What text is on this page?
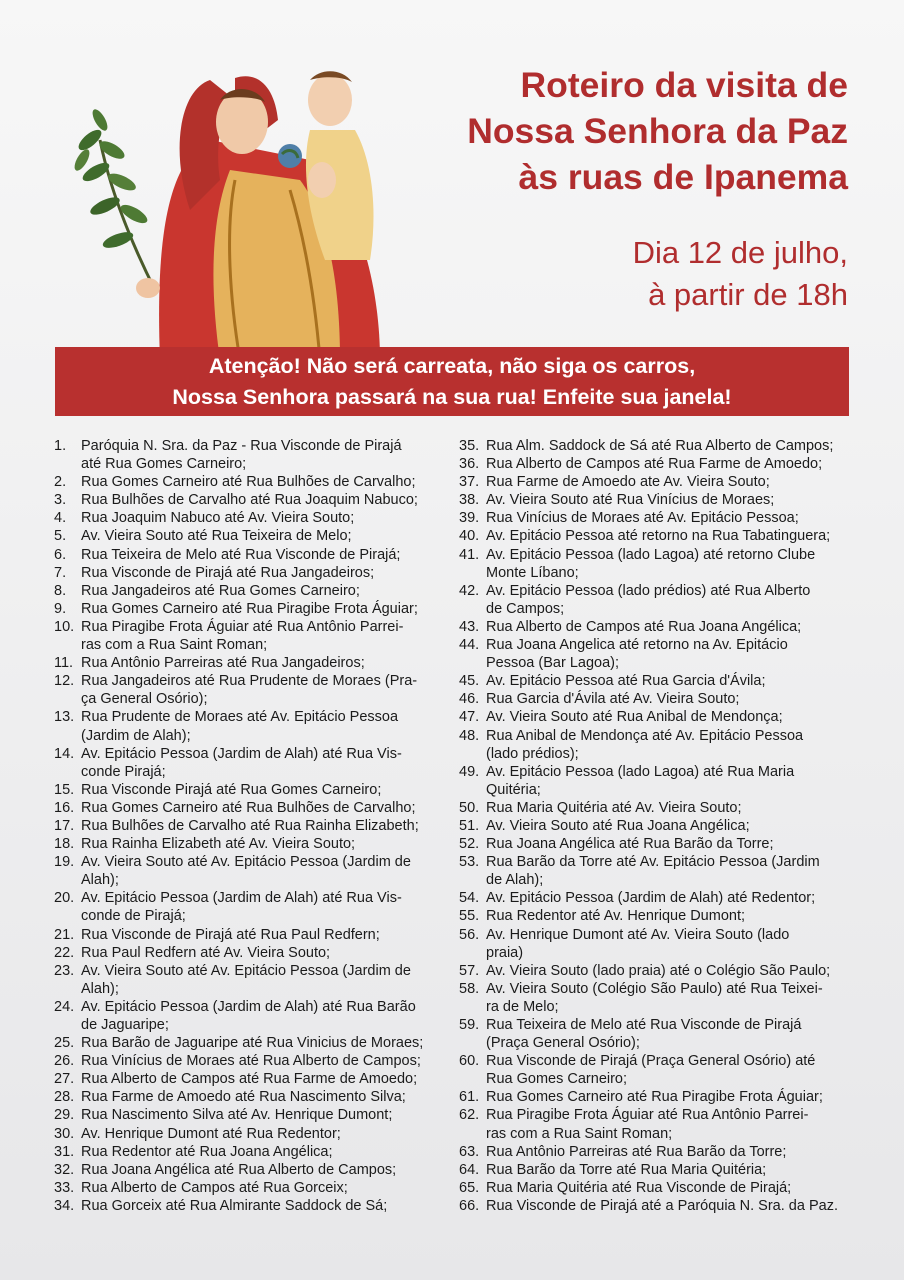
Roteiro da visita de
Nossa Senhora da Paz
às ruas de Ipanema
Dia 12 de julho,
à partir de 18h
Atenção! Não será carreata, não siga os carros,
Nossa Senhora passará na sua rua! Enfeite sua janela!
1.	Paróquia N. Sra. da Paz - Rua Visconde de Pirajá
até Rua Gomes Carneiro;
2.	Rua Gomes Carneiro até Rua Bulhões de Carvalho;
3.	Rua Bulhões de Carvalho até Rua Joaquim Nabuco;
4.	Rua Joaquim Nabuco até Av. Vieira Souto;
5.	Av. Vieira Souto até Rua Teixeira de Melo;
6.	Rua Teixeira de Melo até Rua Visconde de Pirajá;
7.	Rua Visconde de Pirajá até Rua Jangadeiros;
8.	Rua Jangadeiros até Rua Gomes Carneiro;
9.	Rua Gomes Carneiro até Rua Piragibe Frota Águiar;
10. Rua Piragibe Frota Águiar até Rua Antônio Parrei-
ras com a Rua Saint Roman;
11. Rua Antônio Parreiras até Rua Jangadeiros;
12. Rua Jangadeiros até Rua Prudente de Moraes (Pra-
ça General Osório);
13. Rua Prudente de Moraes até Av. Epitácio Pessoa
(Jardim de Alah);
14. Av. Epitácio Pessoa (Jardim de Alah) até Rua Vis-
conde Pirajá;
15. Rua Visconde Pirajá até Rua Gomes Carneiro;
16. Rua Gomes Carneiro até Rua Bulhões de Carvalho;
17. Rua Bulhões de Carvalho até Rua Rainha Elizabeth;
18. Rua Rainha Elizabeth até Av. Vieira Souto;
19. Av. Vieira Souto até Av. Epitácio Pessoa (Jardim de
Alah);
20. Av. Epitácio Pessoa (Jardim de Alah) até Rua Vis-
conde de Pirajá;
21. Rua Visconde de Pirajá até Rua Paul Redfern;
22. Rua Paul Redfern até Av. Vieira Souto;
23. Av. Vieira Souto até Av. Epitácio Pessoa (Jardim de
Alah);
24. Av. Epitácio Pessoa (Jardim de Alah) até Rua Barão
de Jaguaripe;
25. Rua Barão de Jaguaripe até Rua Vinicius de Moraes;
26. Rua Vinícius de Moraes até Rua Alberto de Campos;
27. Rua Alberto de Campos até Rua Farme de Amoedo;
28. Rua Farme de Amoedo até Rua Nascimento Silva;
29. Rua Nascimento Silva até Av. Henrique Dumont;
30. Av. Henrique Dumont até Rua Redentor;
31. Rua Redentor até Rua Joana Angélica;
32. Rua Joana Angélica até Rua Alberto de Campos;
33. Rua Alberto de Campos até Rua Gorceix;
34. Rua Gorceix até Rua Almirante Saddock de Sá;
35. Rua Alm. Saddock de Sá até Rua Alberto de Campos;
36. Rua Alberto de Campos até Rua Farme de Amoedo;
37. Rua Farme de Amoedo ate Av. Vieira Souto;
38. Av. Vieira Souto até Rua Vinícius de Moraes;
39. Rua Vinícius de Moraes até Av. Epitácio Pessoa;
40. Av. Epitácio Pessoa até retorno na Rua Tabatinguera;
41. Av. Epitácio Pessoa (lado Lagoa) até retorno Clube
Monte Líbano;
42. Av. Epitácio Pessoa (lado prédios) até Rua Alberto
de Campos;
43. Rua Alberto de Campos até Rua Joana Angélica;
44. Rua Joana Angelica até retorno na Av. Epitácio
Pessoa (Bar Lagoa);
45. Av. Epitácio Pessoa até Rua Garcia d'Ávila;
46. Rua Garcia d'Ávila até Av. Vieira Souto;
47. Av. Vieira Souto até Rua Anibal de Mendonça;
48. Rua Anibal de Mendonça até Av. Epitácio Pessoa
(lado prédios);
49. Av. Epitácio Pessoa (lado Lagoa) até Rua Maria
Quitéria;
50. Rua Maria Quitéria até Av. Vieira Souto;
51. Av. Vieira Souto até Rua Joana Angélica;
52. Rua Joana Angélica até Rua Barão da Torre;
53. Rua Barão da Torre até Av. Epitácio Pessoa (Jardim
de Alah);
54. Av. Epitácio Pessoa (Jardim de Alah) até Redentor;
55. Rua Redentor até Av. Henrique Dumont;
56. Av. Henrique Dumont até Av. Vieira Souto (lado
praia)
57. Av. Vieira Souto (lado praia) até o Colégio São Paulo;
58. Av. Vieira Souto (Colégio São Paulo) até Rua Teixei-
ra de Melo;
59. Rua Teixeira de Melo até Rua Visconde de Pirajá
(Praça General Osório);
60. Rua Visconde de Pirajá (Praça General Osório) até
Rua Gomes Carneiro;
61. Rua Gomes Carneiro até Rua Piragibe Frota Águiar;
62. Rua Piragibe Frota Águiar até Rua Antônio Parrei-
ras com a Rua Saint Roman;
63. Rua Antônio Parreiras até Rua Barão da Torre;
64. Rua Barão da Torre até Rua Maria Quitéria;
65. Rua Maria Quitéria até Rua Visconde de Pirajá;
66. Rua Visconde de Pirajá até a Paróquia N. Sra. da Paz.
